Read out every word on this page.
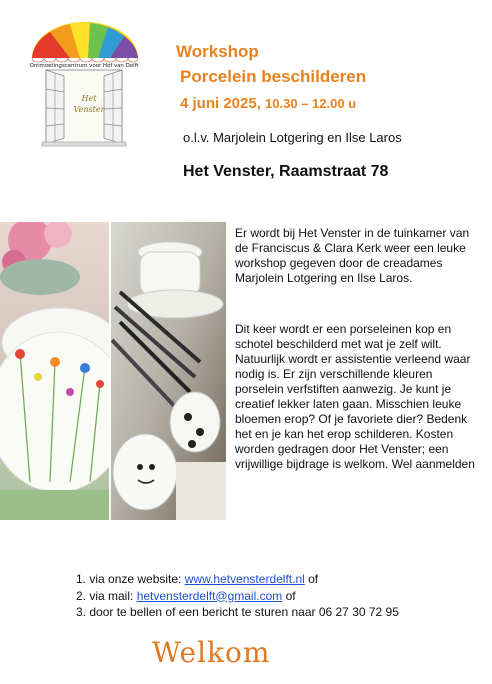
Ontmoetingscentrum voor Hof van Delft
Het
Venster
Workshop
Porcelein beschilderen
4 juni 2025, 10.30 – 12.00 u
o.l.v. Marjolein Lotgering en Ilse Laros
Het Venster, Raamstraat 78
Er wordt bij Het Venster in de tuinkamer van de Franciscus & Clara Kerk weer een leuke workshop gegeven door de creadames Marjolein Lotgering en Ilse Laros.
Dit keer wordt er een porseleinen kop en schotel beschilderd met wat je zelf wilt. Natuurlijk wordt er assistentie verleend waar nodig is. Er zijn verschillende kleuren porselein verfstiften aanwezig. Je kunt je creatief lekker laten gaan. Misschien leuke bloemen erop? Of je favoriete dier? Bedenk het en je kan het erop schilderen. Kosten worden gedragen door Het Venster; een vrijwillige bijdrage is welkom. Wel aanmelden
1. via onze website: www.hetvensterdelft.nl of
2. via mail: hetvensterdelft@gmail.com of
3. door te bellen of een bericht te sturen naar 06 27 30 72 95
Welkom
